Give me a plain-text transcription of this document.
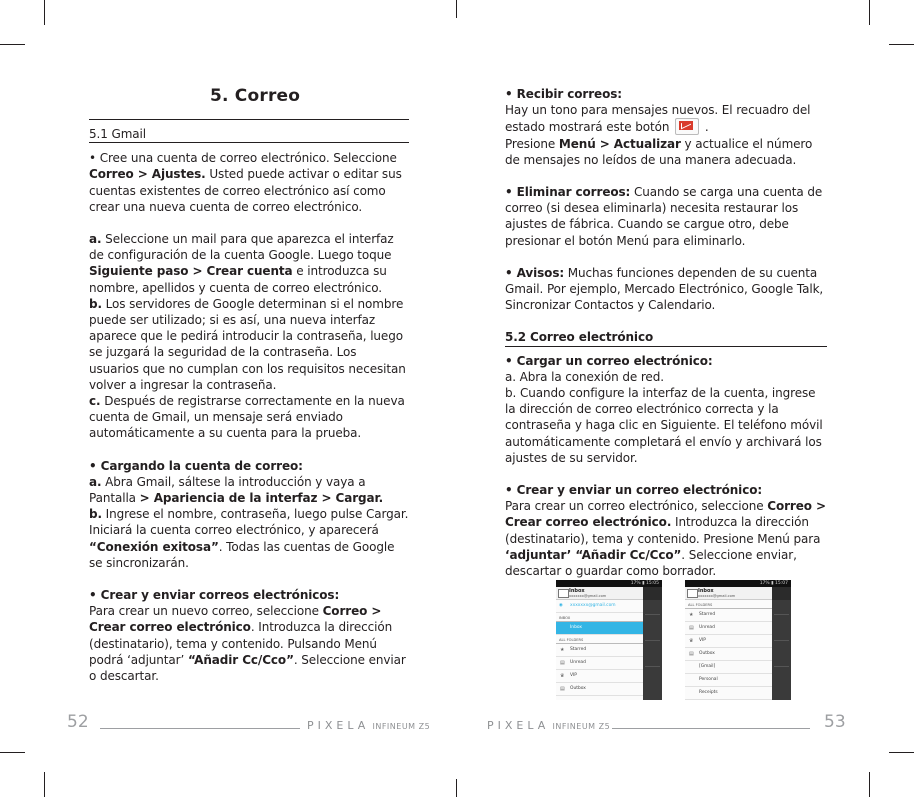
5. Correo

5.1 Gmail

• Cree una cuenta de correo electrónico. Seleccione Correo > Ajustes. Usted puede activar o editar sus cuentas existentes de correo electrónico así como crear una nueva cuenta de correo electrónico.

a. Seleccione un mail para que aparezca el interfaz de configuración de la cuenta Google. Luego toque Siguiente paso > Crear cuenta e introduzca su nombre, apellidos y cuenta de correo electrónico.

b. Los servidores de Google determinan si el nombre puede ser utilizado; si es así, una nueva interfaz aparece que le pedirá introducir la contraseña, luego se juzgará la seguridad de la contraseña. Los usuarios que no cumplan con los requisitos necesitan volver a ingresar la contraseña.

c. Después de registrarse correctamente en la nueva cuenta de Gmail, un mensaje será enviado automáticamente a su cuenta para la prueba.

• Cargando la cuenta de correo:

a. Abra Gmail, sáltese la introducción y vaya a Pantalla > Apariencia de la interfaz > Cargar.

b. Ingrese el nombre, contraseña, luego pulse Cargar. Iniciará la cuenta correo electrónico, y aparecerá “Conexión exitosa”. Todas las cuentas de Google se sincronizarán.

• Crear y enviar correos electrónicos:

Para crear un nuevo correo, seleccione Correo > Crear correo electrónico. Introduzca la dirección (destinatario), tema y contenido. Pulsando Menú podrá ‘adjuntar’ “Añadir Cc/Cco”. Seleccione enviar o descartar.

52	PIXELA INFINEUM Z5

• Recibir correos:
Hay un tono para mensajes nuevos. El recuadro del estado mostrará este botón	.
Presione Menú > Actualizar y actualice el número de mensajes no leídos de una manera adecuada.

• Eliminar correos: Cuando se carga una cuenta de correo (si desea eliminarla) necesita restaurar los ajustes de fábrica. Cuando se cargue otro, debe presionar el botón Menú para eliminarlo.

• Avisos: Muchas funciones dependen de su cuenta Gmail. Por ejemplo, Mercado Electrónico, Google Talk, Sincronizar Contactos y Calendario.

5.2 Correo electrónico

• Cargar un correo electrónico:

a. Abra la conexión de red.

b. Cuando configure la interfaz de la cuenta, ingrese la dirección de correo electrónico correcta y la contraseña y haga clic en Siguiente. El teléfono móvil automáticamente completará el envío y archivará los ajustes de su servidor.

• Crear y enviar un correo electrónico:

Para crear un correo electrónico, seleccione Correo > Crear correo electrónico. Introduzca la dirección (destinatario), tema y contenido. Presione Menú para ‘adjuntar’ “Añadir Cc/Cco”. Seleccione enviar, descartar o guardar como borrador.

53
PIXELA INFINEUM Z5
17% ▮ 15:05
Inbox
xxxxxxx@gmail.com
◉ xxxxxxx@gmail.com
INBOX
Inbox
ALL FOLDERS
★ Starred
▤ Unread
♛ VIP
▤ Outbox
17% ▮ 15:07
Inbox
xxxxxxx@gmail.com
ALL FOLDERS
★ Starred
▤ Unread
♛ VIP
▤ Outbox
[Gmail]
Personal
Receipts
